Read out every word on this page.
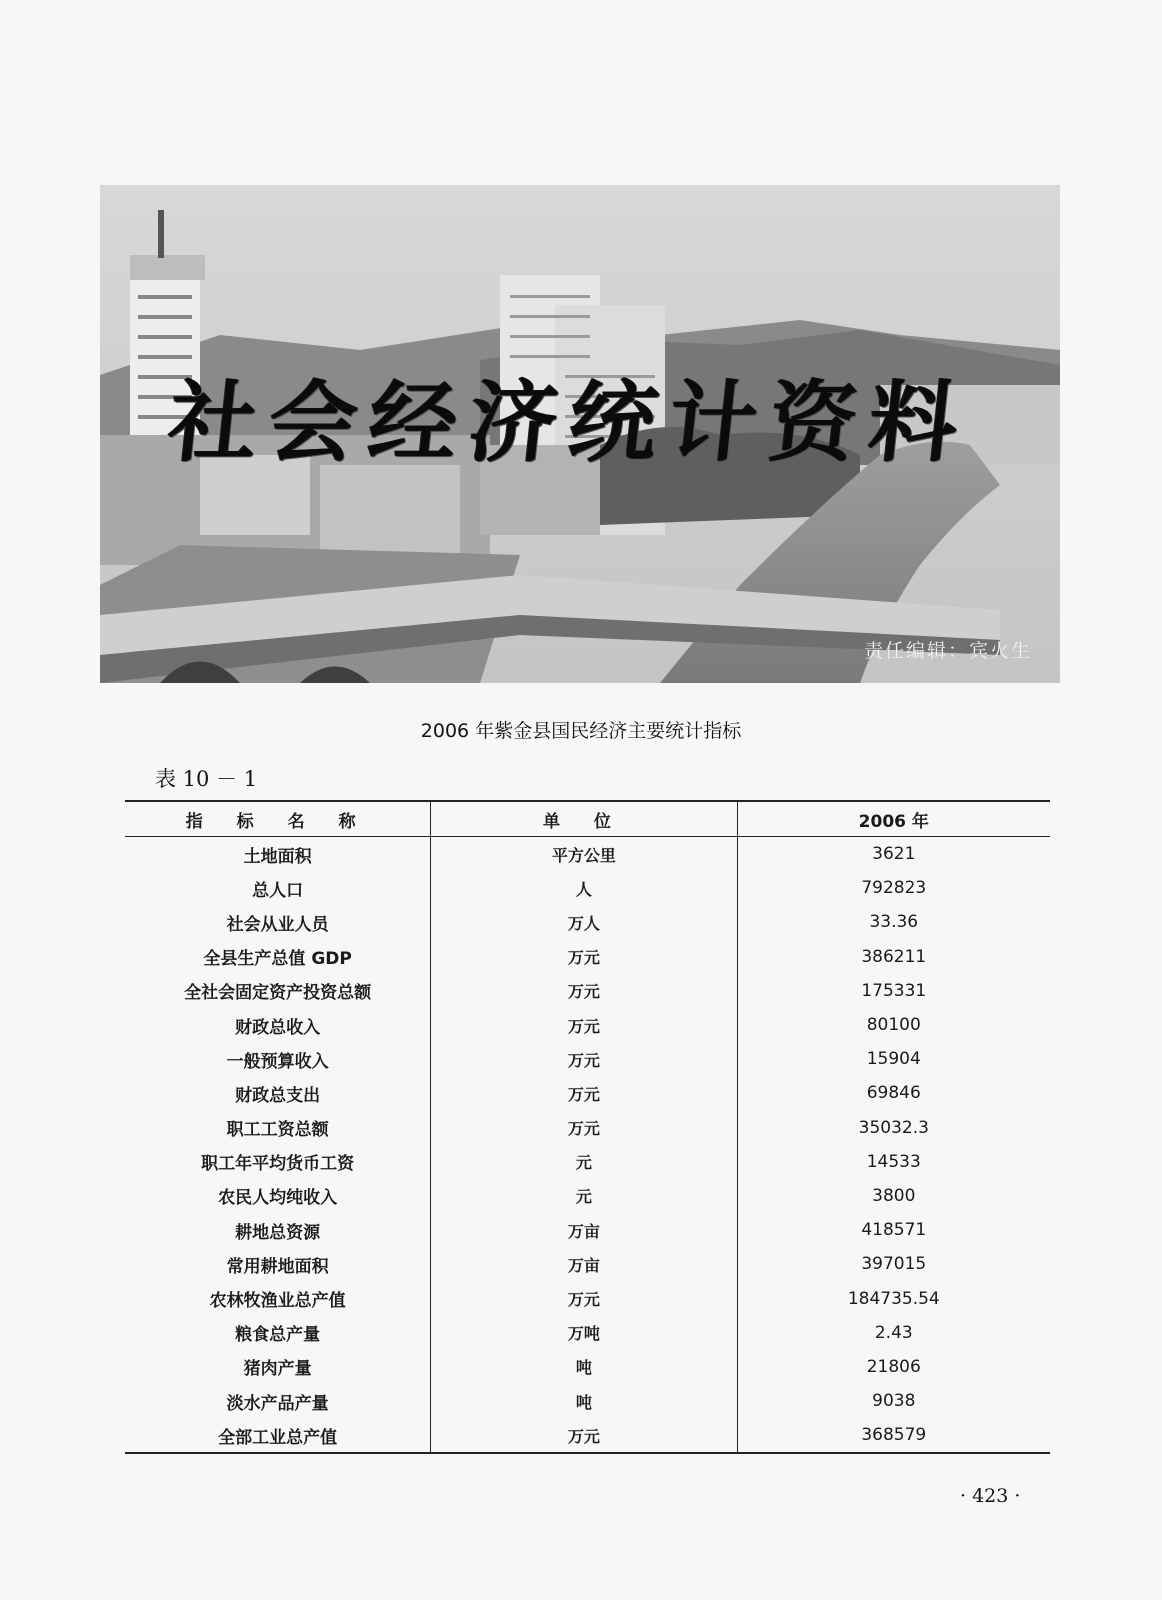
社会经济统计资料
责任编辑：宾火生
2006 年紫金县国民经济主要统计指标
表 10 － 1
指 标 名 称	单 位	2006 年
土地面积	平方公里	3621
总人口	人	792823
社会从业人员	万人	33.36
全县生产总值 GDP	万元	386211
全社会固定资产投资总额	万元	175331
财政总收入	万元	80100
一般预算收入	万元	15904
财政总支出	万元	69846
职工工资总额	万元	35032.3
职工年平均货币工资	元	14533
农民人均纯收入	元	3800
耕地总资源	万亩	418571
常用耕地面积	万亩	397015
农林牧渔业总产值	万元	184735.54
粮食总产量	万吨	2.43
猪肉产量	吨	21806
淡水产品产量	吨	9038
全部工业总产值	万元	368579
· 423 ·
